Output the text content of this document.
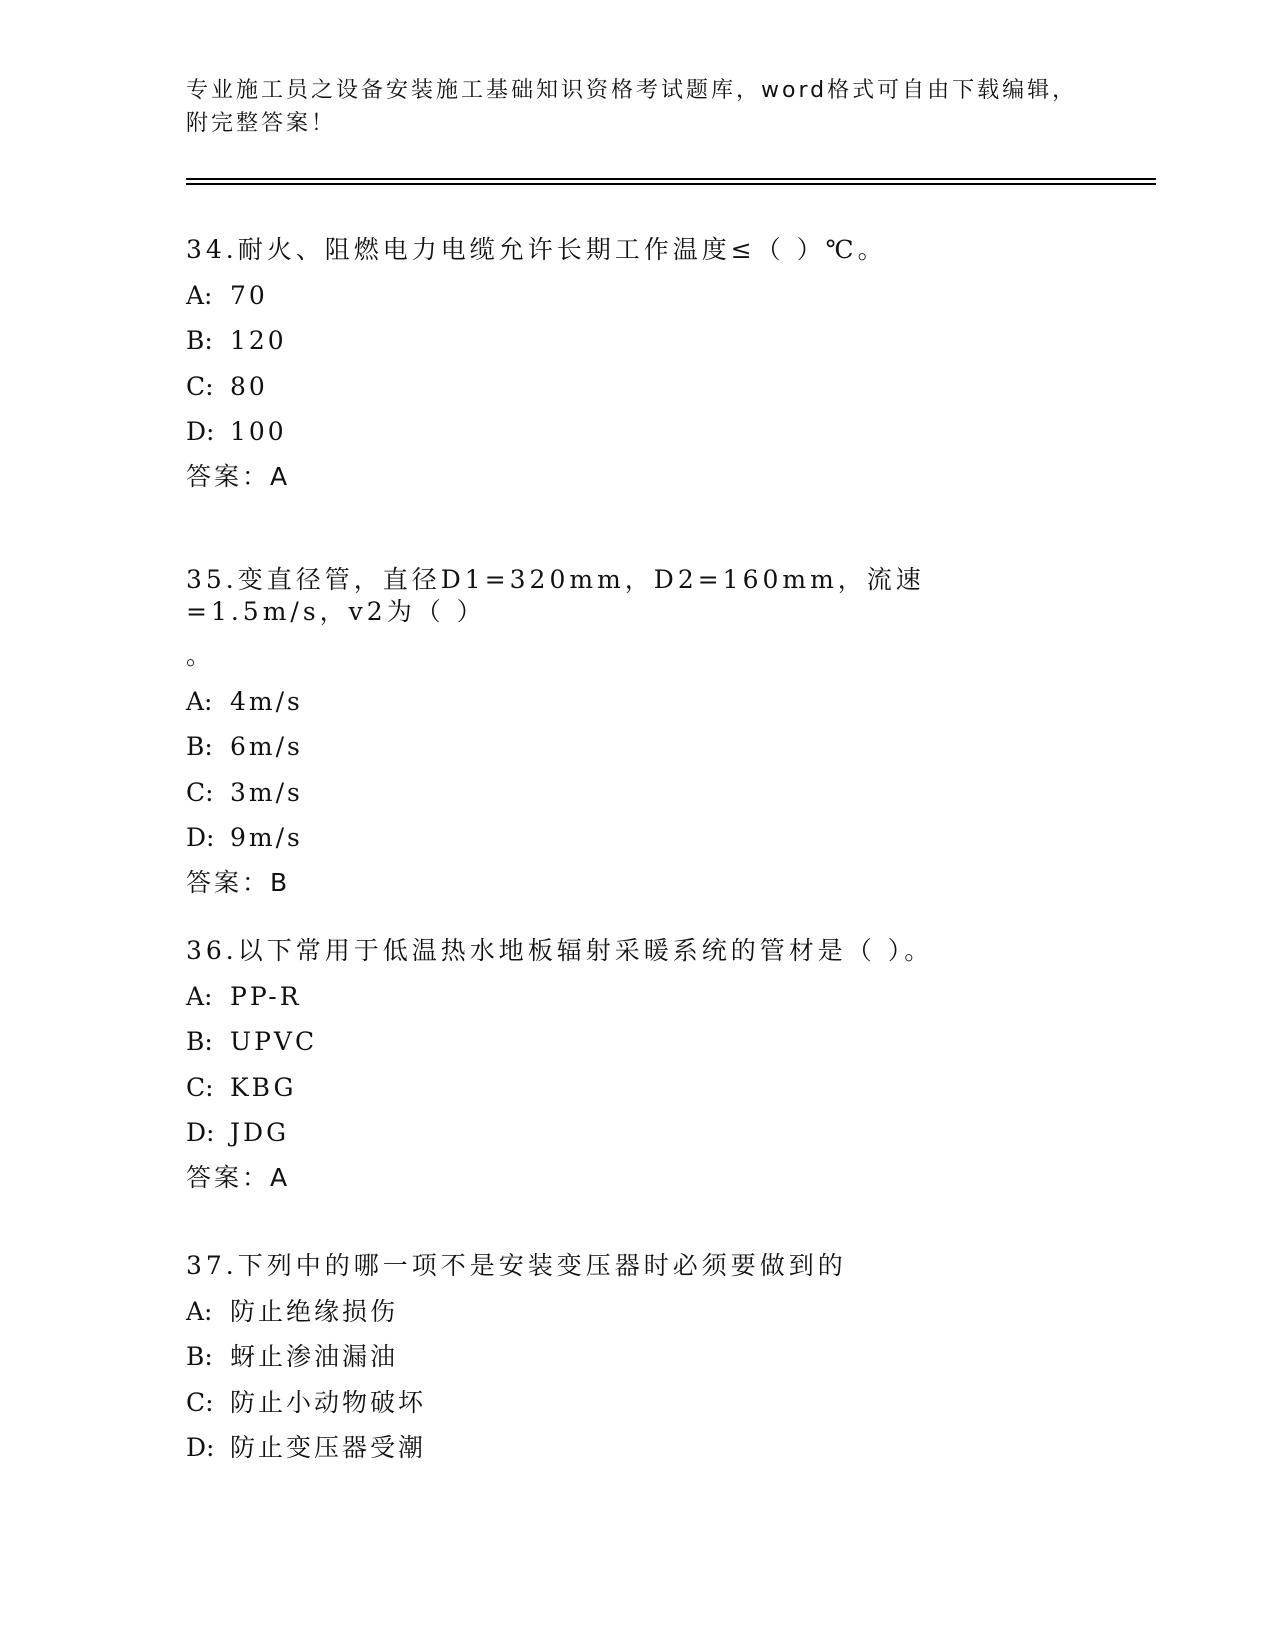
专业施工员之设备安装施工基础知识资格考试题库，word格式可自由下载编辑，
附完整答案！
34.耐火、阻燃电力电缆允许长期工作温度≤（ ）℃。
A: 70
B: 120
C: 80
D: 100
答案：A
35.变直径管，直径D1=320mm，D2=160mm，流速=1.5m/s，v2为（ ）
。
A: 4m/s
B: 6m/s
C: 3m/s
D: 9m/s
答案：B
36.以下常用于低温热水地板辐射采暖系统的管材是（ ）。
A: PP-R
B: UPVC
C: KBG
D: JDG
答案：A
37.下列中的哪一项不是安装变压器时必须要做到的
A: 防止绝缘损伤
B: 蚜止渗油漏油
C: 防止小动物破坏
D: 防止变压器受潮
